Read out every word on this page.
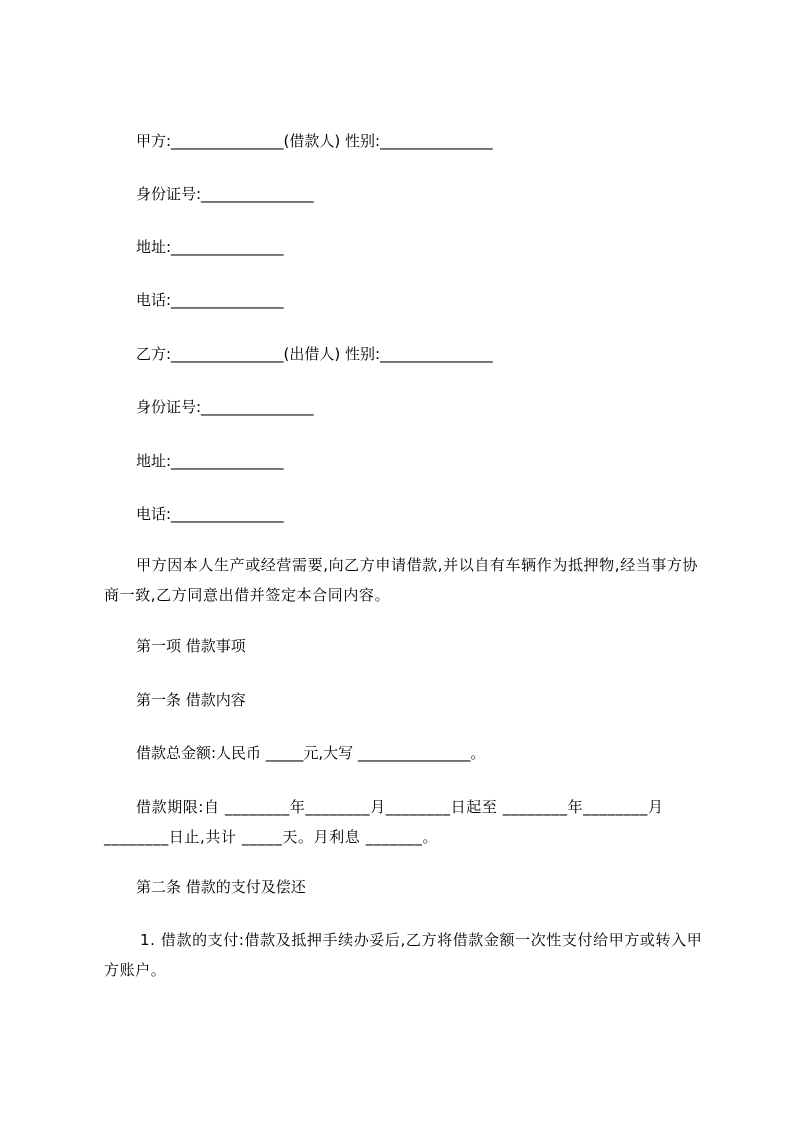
甲方:_______________(借款人) 性别:_______________
身份证号:_______________
地址:_______________
电话:_______________
乙方:_______________(出借人) 性别:_______________
身份证号:_______________
地址:_______________
电话:_______________
甲方因本人生产或经营需要,向乙方申请借款,并以自有车辆作为抵押物,经当事方协商一致,乙方同意出借并签定本合同内容。
第一项 借款事项
第一条 借款内容
借款总金额:人民币 _____元,大写 _______________。
借款期限:自 ________年________月________日起至 ________年________月________日止,共计 _____天。月利息 _______。
第二条 借款的支付及偿还
1. 借款的支付:借款及抵押手续办妥后,乙方将借款金额一次性支付给甲方或转入甲方账户。
